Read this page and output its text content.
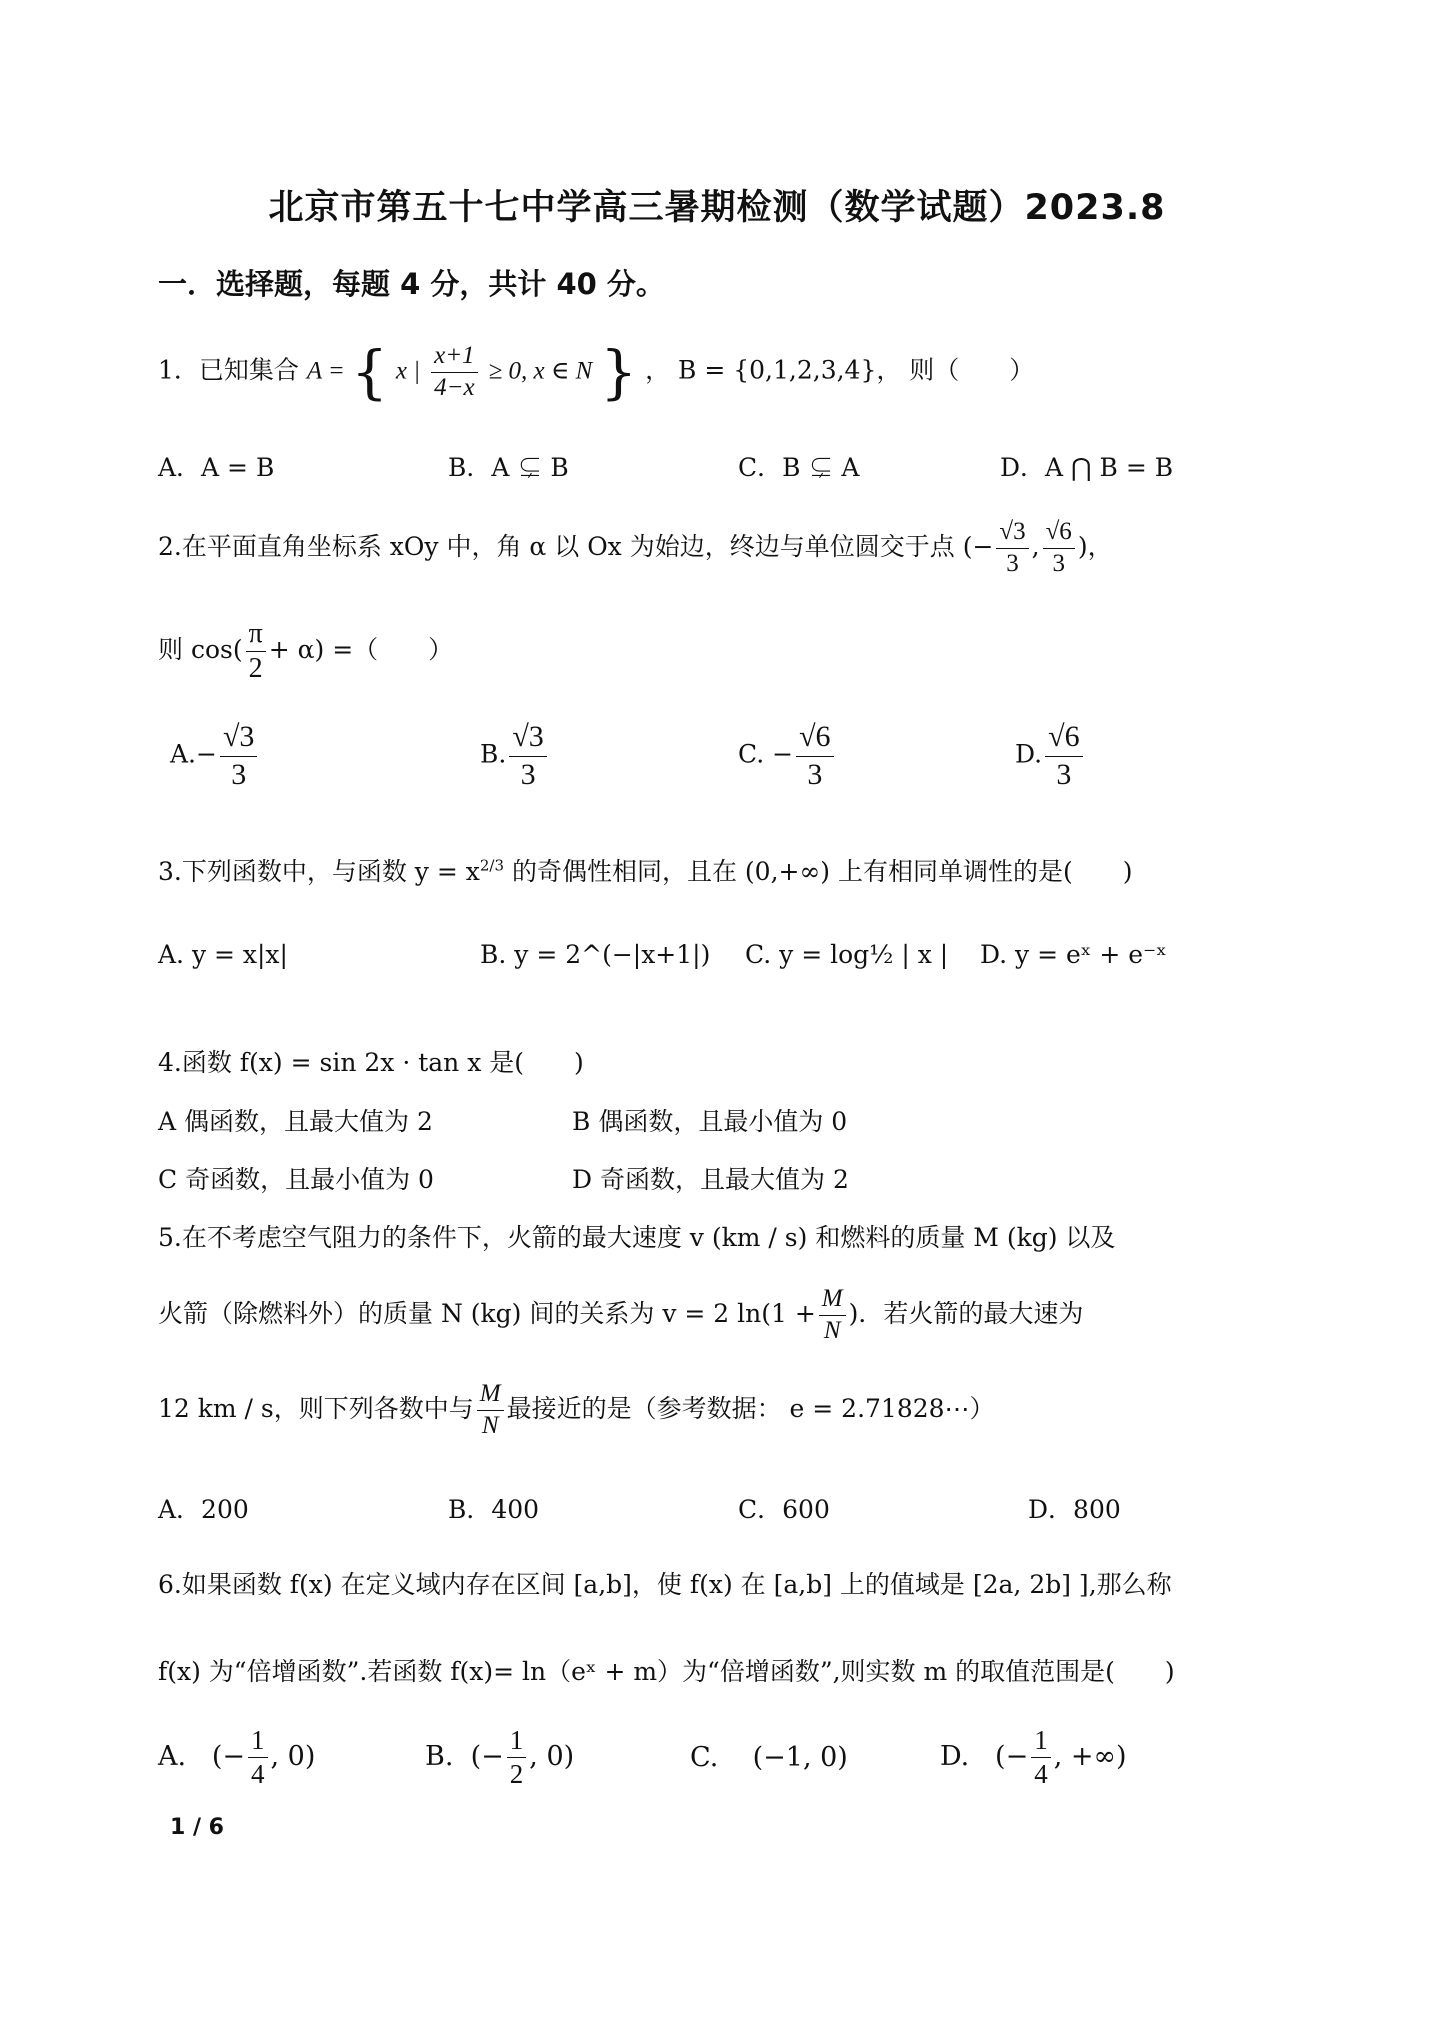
北京市第五十七中学高三暑期检测（数学试题）2023.8
一．选择题，每题 4 分，共计 40 分。
1．已知集合 A = { x | $\frac{x+1}{4-x} \ge 0$, x ∈ N } ， B = {0,1,2,3,4}， 则（　　）
A．A = B	B．A ⊊ B	C．B ⊊ A	D．A ⋂ B = B
2.在平面直角坐标系 xOy 中，角 α 以 Ox 为始边，终边与单位圆交于点 (− $\frac{√3}{3}$ , $\frac{√6}{3}$ )，
则 $\cos( \frac{\pi}{2} + \alpha)$ =（　　）
$A.- \frac{√3}{3}$	B. $\frac{√3}{3}$	C. − $\frac{√6}{3}$	D. $\frac{√6}{3}$
3.下列函数中，与函数 $y = x^{2/3}$ 的奇偶性相同，且在 (0,+∞) 上有相同单调性的是(　　)
A. y = x|x|	B. y = 2^(−|x+1|) C. y = log½ | x | D. y = eˣ + e⁻ˣ
4.函数 f(x) = sin 2x · tan x 是(　　)
A 偶函数，且最大值为 2	B 偶函数，且最小值为 0
C 奇函数，且最小值为 0	D 奇函数，且最大值为 2
5.在不考虑空气阻力的条件下，火箭的最大速度 v (km / s) 和燃料的质量 M (kg) 以及
火箭（除燃料外）的质量 N (kg) 间的关系为 v = 2 $\ln(1 + \frac{M}{N}$ )．若火箭的最大速为
12 km / s，则下列各数中与 $\frac{M}{N}$ 最接近的是（参考数据： e = 2.71828⋯）
A．200	B．400	C．600	D．800
6.如果函数 f(x) 在定义域内存在区间 [a,b]，使 f(x) 在 [a,b] 上的值域是 [2a, 2b] ],那么称
f(x) 为“倍增函数”.若函数 f(x)= ln（eˣ + m）为“倍增函数”,则实数 m 的取值范围是(　　)
A. (− $\frac{1}{4}$ , 0)	B. (− $\frac{1}{2}$ , 0)	C. (−1, 0)	D. (− $\frac{1}{4}$ , +∞)
1 / 6
